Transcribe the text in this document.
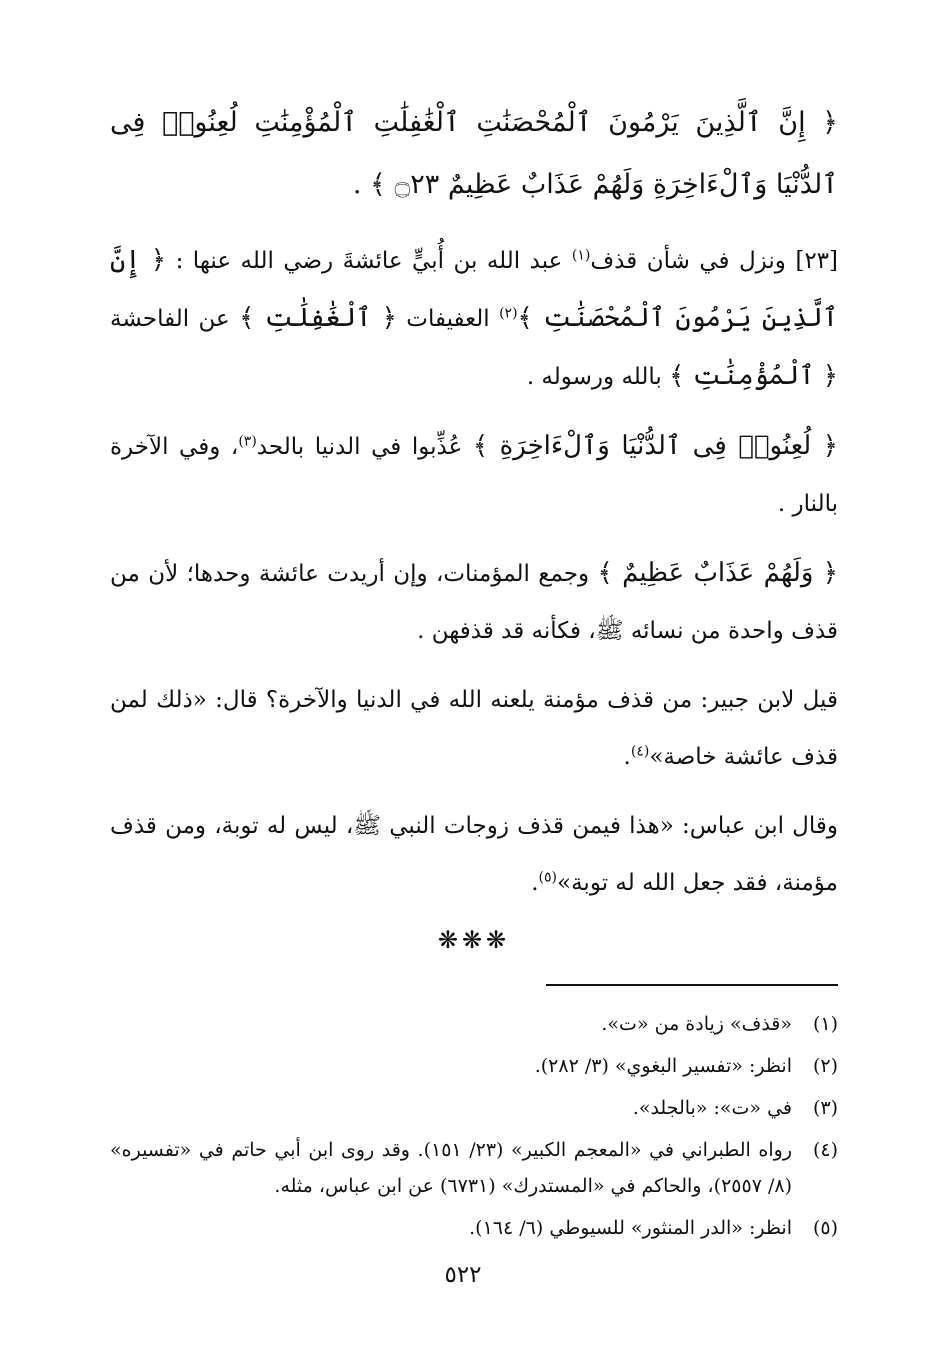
﴿ إِنَّ ٱلَّذِينَ يَرْمُونَ ٱلْمُحْصَنَٰتِ ٱلْغَٰفِلَٰتِ ٱلْمُؤْمِنَٰتِ لُعِنُوا۟ فِى ٱلدُّنْيَا وَٱلْءَاخِرَةِ وَلَهُمْ عَذَابٌ عَظِيمٌ ۝٢٣ ﴾ .

[٢٣] ونزل في شأن قذف$^{(١)}$ عبد الله بن أُبيٍّ عائشةَ رضي الله عنها : ﴿ إِنَّ ٱلَّذِينَ يَرْمُونَ ٱلْمُحْصَنَٰتِ ﴾$^{(٢)}$ العفيفات ﴿ ٱلْغَٰفِلَٰتِ ﴾ عن الفاحشة ﴿ ٱلْمُؤْمِنَٰتِ ﴾ بالله ورسوله .

﴿ لُعِنُوا۟ فِى ٱلدُّنْيَا وَٱلْءَاخِرَةِ ﴾ عُذِّبوا في الدنيا بالحد$^{(٣)}$، وفي الآخرة بالنار .

﴿ وَلَهُمْ عَذَابٌ عَظِيمٌ ﴾ وجمع المؤمنات، وإن أريدت عائشة وحدها؛ لأن من قذف واحدة من نسائه ﷺ، فكأنه قد قذفهن .

قيل لابن جبير: من قذف مؤمنة يلعنه الله في الدنيا والآخرة؟ قال: «ذلك لمن قذف عائشة خاصة»$^{(٤)}$.

وقال ابن عباس: «هذا فيمن قذف زوجات النبي ﷺ، ليس له توبة، ومن قذف مؤمنة، فقد جعل الله له توبة»$^{(٥)}$.

❋❋❋
(١)
«قذف» زيادة من «ت».
(٢)
انظر: «تفسير البغوي» (٣/ ٢٨٢).
(٣)
في «ت»: «بالجلد».
(٤)
رواه الطبراني في «المعجم الكبير» (٢٣/ ١٥١). وقد روى ابن أبي حاتم في «تفسيره» (٨/ ٢٥٥٧)، والحاكم في «المستدرك» (٦٧٣١) عن ابن عباس، مثله.
(٥)
انظر: «الدر المنثور» للسيوطي (٦/ ١٦٤).
٥٢٢
